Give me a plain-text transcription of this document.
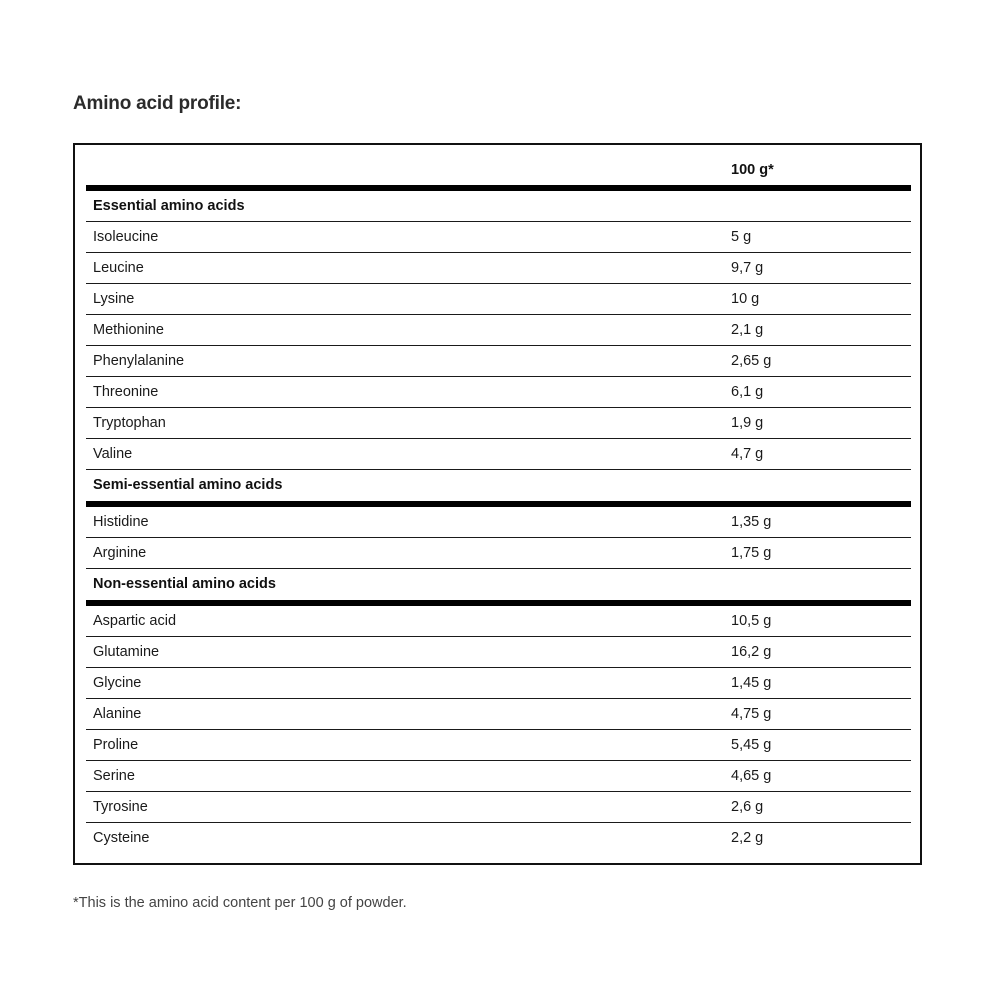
Amino acid profile:
100 g*
Essential amino acids
Isoleucine	5 g
Leucine	9,7 g
Lysine	10 g
Methionine	2,1 g
Phenylalanine	2,65 g
Threonine	6,1 g
Tryptophan	1,9 g
Valine	4,7 g
Semi-essential amino acids
Histidine	1,35 g
Arginine	1,75 g
Non-essential amino acids
Aspartic acid	10,5 g
Glutamine	16,2 g
Glycine	1,45 g
Alanine	4,75 g
Proline	5,45 g
Serine	4,65 g
Tyrosine	2,6 g
Cysteine	2,2 g

*This is the amino acid content per 100 g of powder.
